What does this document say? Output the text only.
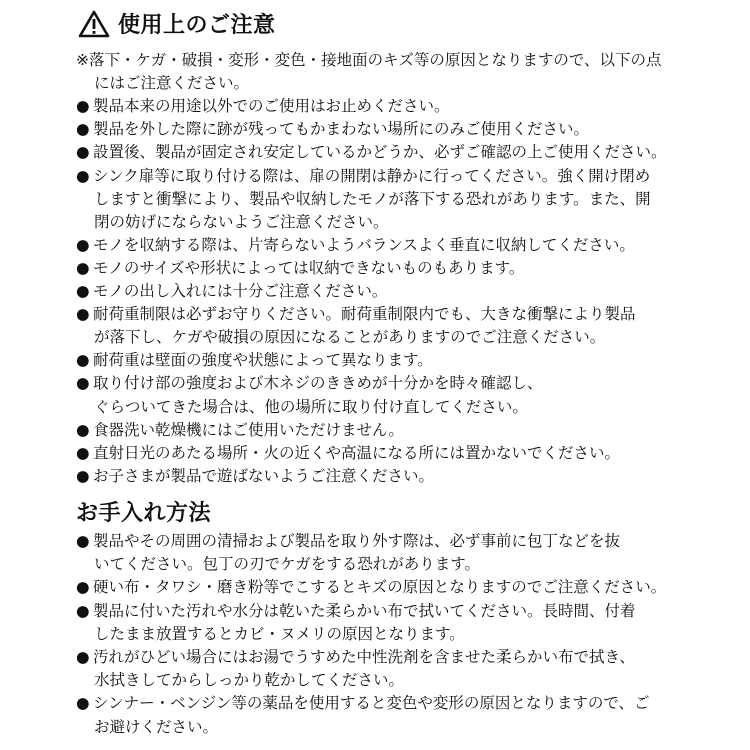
使用上のご注意
※落下・ケガ・破損・変形・変色・接地面のキズ等の原因となりますので、以下の点
にはご注意ください。
● 製品本来の用途以外でのご使用はお止めください。
● 製品を外した際に跡が残ってもかまわない場所にのみご使用ください。
● 設置後、製品が固定され安定しているかどうか、必ずご確認の上ご使用ください。
● シンク扉等に取り付ける際は、扉の開閉は静かに行ってください。強く開け閉め
しますと衝撃により、製品や収納したモノが落下する恐れがあります。また、開
閉の妨げにならないようご注意ください。
● モノを収納する際は、片寄らないようバランスよく垂直に収納してください。
● モノのサイズや形状によっては収納できないものもあります。
● モノの出し入れには十分ご注意ください。
● 耐荷重制限は必ずお守りください。耐荷重制限内でも、大きな衝撃により製品
が落下し、ケガや破損の原因になることがありますのでご注意ください。
● 耐荷重は壁面の強度や状態によって異なります。
● 取り付け部の強度および木ネジのききめが十分かを時々確認し、
ぐらついてきた場合は、他の場所に取り付け直してください。
● 食器洗い乾燥機にはご使用いただけません。
● 直射日光のあたる場所・火の近くや高温になる所には置かないでください。
● お子さまが製品で遊ばないようご注意ください。
お手入れ方法
● 製品やその周囲の清掃および製品を取り外す際は、必ず事前に包丁などを抜
いてください。包丁の刃でケガをする恐れがあります。
● 硬い布・タワシ・磨き粉等でこするとキズの原因となりますのでご注意ください。
● 製品に付いた汚れや水分は乾いた柔らかい布で拭いてください。長時間、付着
したまま放置するとカビ・ヌメリの原因となります。
● 汚れがひどい場合にはお湯でうすめた中性洗剤を含ませた柔らかい布で拭き、
水拭きしてからしっかり乾かしてください。
● シンナー・ベンジン等の薬品を使用すると変色や変形の原因となりますので、ご
お避けください。
